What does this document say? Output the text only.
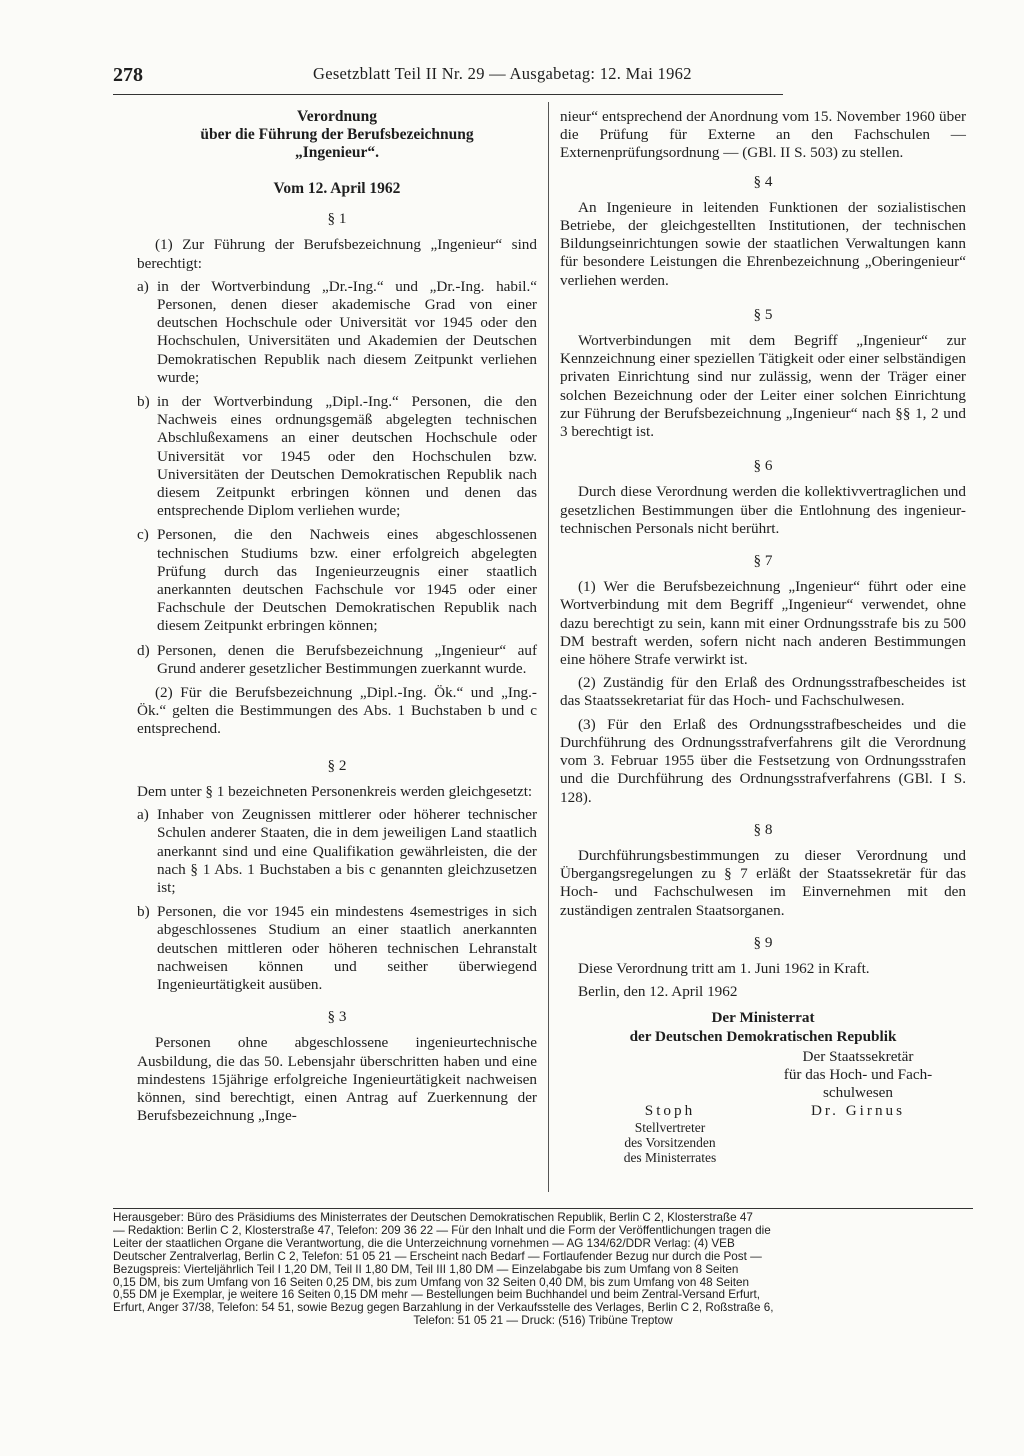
278	Gesetzblatt Teil II Nr. 29 — Ausgabetag: 12. Mai 1962
Verordnung
über die Führung der Berufsbezeichnung
„Ingenieur“.
Vom 12. April 1962
§ 1

(1) Zur Führung der Berufsbezeichnung „Ingenieur“ sind berechtigt:

a) in der Wortverbindung „Dr.-Ing.“ und „Dr.-Ing. habil.“ Personen, denen dieser akademische Grad von einer deutschen Hochschule oder Universität vor 1945 oder den Hochschulen, Universitäten und Akademien der Deutschen Demokratischen Republik nach diesem Zeitpunkt verliehen wurde;
b) in der Wortverbindung „Dipl.-Ing.“ Personen, die den Nachweis eines ordnungsgemäß abgelegten technischen Abschlußexamens an einer deutschen Hochschule oder Universität vor 1945 oder den Hochschulen bzw. Universitäten der Deutschen Demokratischen Republik nach diesem Zeitpunkt erbringen können und denen das entsprechende Diplom verliehen wurde;
c) Personen, die den Nachweis eines abgeschlossenen technischen Studiums bzw. einer erfolgreich abgelegten Prüfung durch das Ingenieurzeugnis einer staatlich anerkannten deutschen Fachschule vor 1945 oder einer Fachschule der Deutschen Demokratischen Republik nach diesem Zeitpunkt erbringen können;
d) Personen, denen die Berufsbezeichnung „Ingenieur“ auf Grund anderer gesetzlicher Bestimmungen zuerkannt wurde.

(2) Für die Berufsbezeichnung „Dipl.-Ing. Ök.“ und „Ing.-Ök.“ gelten die Bestimmungen des Abs. 1 Buchstaben b und c entsprechend.

§ 2

Dem unter § 1 bezeichneten Personenkreis werden gleichgesetzt:

a) Inhaber von Zeugnissen mittlerer oder höherer technischer Schulen anderer Staaten, die in dem jeweiligen Land staatlich anerkannt sind und eine Qualifikation gewährleisten, die der nach § 1 Abs. 1 Buchstaben a bis c genannten gleichzusetzen ist;
b) Personen, die vor 1945 ein mindestens 4semestriges in sich abgeschlossenes Studium an einer staatlich anerkannten deutschen mittleren oder höheren technischen Lehranstalt nachweisen können und seither überwiegend Ingenieurtätigkeit ausüben.
§ 3

Personen ohne abgeschlossene ingenieurtechnische Ausbildung, die das 50. Lebensjahr überschritten haben und eine mindestens 15jährige erfolgreiche Ingenieurtätigkeit nachweisen können, sind berechtigt, einen Antrag auf Zuerkennung der Berufsbezeichnung „Inge-

nieur“ entsprechend der Anordnung vom 15. November 1960 über die Prüfung für Externe an den Fachschulen — Externenprüfungsordnung — (GBl. II S. 503) zu stellen.

§ 4

An Ingenieure in leitenden Funktionen der sozialistischen Betriebe, der gleichgestellten Institutionen, der technischen Bildungseinrichtungen sowie der staatlichen Verwaltungen kann für besondere Leistungen die Ehrenbezeichnung „Oberingenieur“ verliehen werden.

§ 5

Wortverbindungen mit dem Begriff „Ingenieur“ zur Kennzeichnung einer speziellen Tätigkeit oder einer selbständigen privaten Einrichtung sind nur zulässig, wenn der Träger einer solchen Bezeichnung oder der Leiter einer solchen Einrichtung zur Führung der Berufsbezeichnung „Ingenieur“ nach §§ 1, 2 und 3 berechtigt ist.

§ 6

Durch diese Verordnung werden die kollektivvertraglichen und gesetzlichen Bestimmungen über die Entlohnung des ingenieur-technischen Personals nicht berührt.

§ 7

(1) Wer die Berufsbezeichnung „Ingenieur“ führt oder eine Wortverbindung mit dem Begriff „Ingenieur“ verwendet, ohne dazu berechtigt zu sein, kann mit einer Ordnungsstrafe bis zu 500 DM bestraft werden, sofern nicht nach anderen Bestimmungen eine höhere Strafe verwirkt ist.

(2) Zuständig für den Erlaß des Ordnungsstrafbescheides ist das Staatssekretariat für das Hoch- und Fachschulwesen.

(3) Für den Erlaß des Ordnungsstrafbescheides und die Durchführung des Ordnungsstrafverfahrens gilt die Verordnung vom 3. Februar 1955 über die Festsetzung von Ordnungsstrafen und die Durchführung des Ordnungsstrafverfahrens (GBl. I S. 128).

§ 8

Durchführungsbestimmungen zu dieser Verordnung und Übergangsregelungen zu § 7 erläßt der Staatssekretär für das Hoch- und Fachschulwesen im Einvernehmen mit den zuständigen zentralen Staatsorganen.

§ 9

Diese Verordnung tritt am 1. Juni 1962 in Kraft.

Berlin, den 12. April 1962

Der Ministerrat
der Deutschen Demokratischen Republik
Der Staatssekretär
für das Hoch- und Fach-
schulwesen
Dr. Girnus
Stoph
Stellvertreter
des Vorsitzenden
des Ministerrates
Herausgeber: Büro des Präsidiums des Ministerrates der Deutschen Demokratischen Republik, Berlin C 2, Klosterstraße 47
— Redaktion: Berlin C 2, Klosterstraße 47, Telefon: 209 36 22 — Für den Inhalt und die Form der Veröffentlichungen tragen die
Leiter der staatlichen Organe die Verantwortung, die die Unterzeichnung vornehmen — AG 134/62/DDR Verlag: (4) VEB
Deutscher Zentralverlag, Berlin C 2, Telefon: 51 05 21 — Erscheint nach Bedarf — Fortlaufender Bezug nur durch die Post —
Bezugspreis: Vierteljährlich Teil I 1,20 DM, Teil II 1,80 DM, Teil III 1,80 DM — Einzelabgabe bis zum Umfang von 8 Seiten
0,15 DM, bis zum Umfang von 16 Seiten 0,25 DM, bis zum Umfang von 32 Seiten 0,40 DM, bis zum Umfang von 48 Seiten
0,55 DM je Exemplar, je weitere 16 Seiten 0,15 DM mehr — Bestellungen beim Buchhandel und beim Zentral-Versand Erfurt,
Erfurt, Anger 37/38, Telefon: 54 51, sowie Bezug gegen Barzahlung in der Verkaufsstelle des Verlages, Berlin C 2, Roßstraße 6,
Telefon: 51 05 21 — Druck: (516) Tribüne Treptow
